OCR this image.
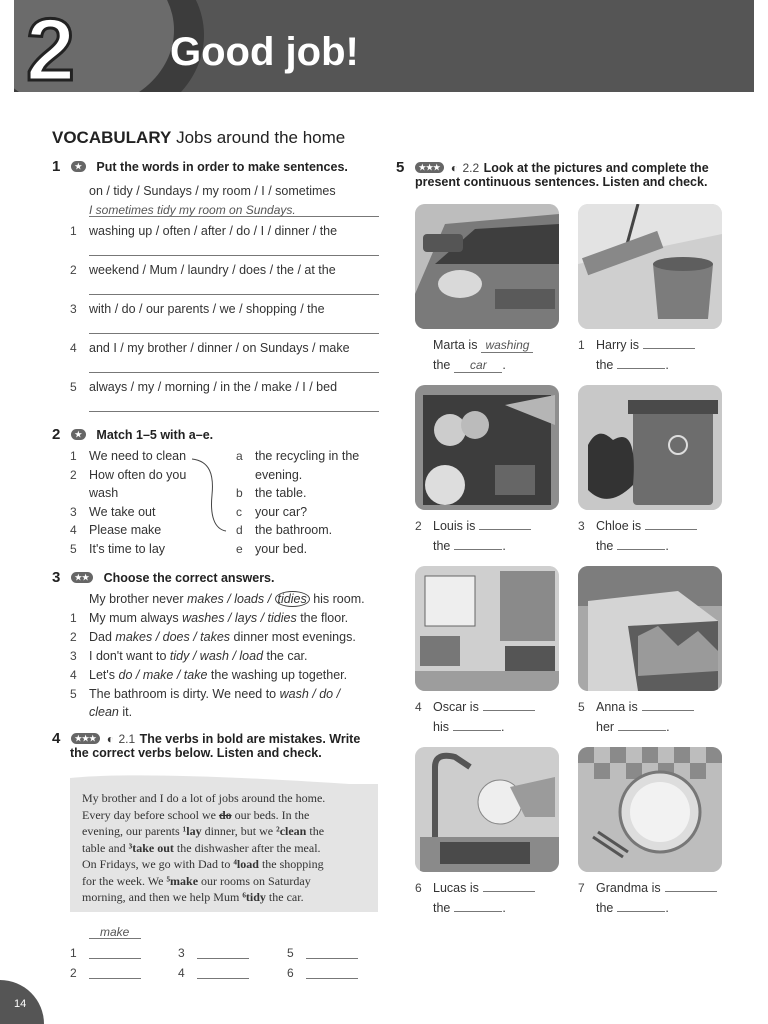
2 Good job!
VOCABULARY Jobs around the home
1 ★ Put the words in order to make sentences.
on / tidy / Sundays / my room / I / sometimes
I sometimes tidy my room on Sundays.
1 washing up / often / after / do / I / dinner / the
2 weekend / Mum / laundry / does / the / at the
3 with / do / our parents / we / shopping / the
4 and I / my brother / dinner / on Sundays / make
5 always / my / morning / in the / make / I / bed
2 ★ Match 1–5 with a–e.
1 We need to clean
2 How often do you
wash
3 We take out
4 Please make
5 It's time to lay
a the recycling in the
evening.
b the table.
c your car?
d the bathroom.
e your bed.
3 ★★ Choose the correct answers.
My brother never makes / loads / tidies his room.
1 My mum always washes / lays / tidies the floor.
2 Dad makes / does / takes dinner most evenings.
3 I don't want to tidy / wash / load the car.
4 Let's do / make / take the washing up together.
5 The bathroom is dirty. We need to wash / do /
clean it.
4 ★★★ ◐ 2.1 The verbs in bold are mistakes. Write
the correct verbs below. Listen and check.
My brother and I do a lot of jobs around the home.
Every day before school we do our beds. In the
evening, our parents ¹lay dinner, but we ²clean the
table and ³take out the dishwasher after the meal.
On Fridays, we go with Dad to ⁴load the shopping
for the week. We ⁵make our rooms on Saturday
morning, and then we help Mum ⁶tidy the car.
make
1	3	5
2	4	6
5 ★★★ ◐ 2.2 Look at the pictures and complete the
present continuous sentences. Listen and check.
Marta is washing
the car .
1 Harry is
the	.
2 Louis is
the	.
3 Chloe is
the	.
4 Oscar is
his	.
5 Anna is
her	.
6 Lucas is
the	.
7 Grandma is
the	.
14
